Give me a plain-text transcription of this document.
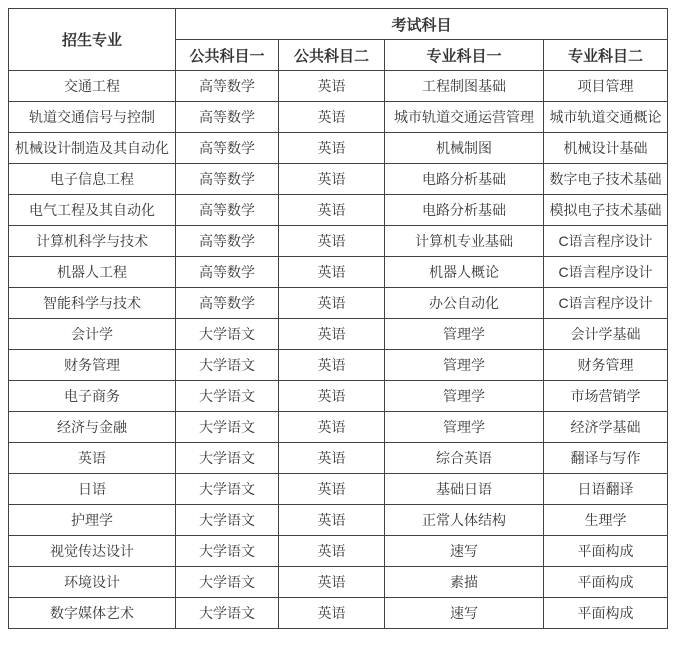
招生专业	考试科目			
	公共科目一	公共科目二	专业科目一	专业科目二
交通工程	高等数学	英语	工程制图基础	项目管理
轨道交通信号与控制	高等数学	英语	城市轨道交通运营管理	城市轨道交通概论
机械设计制造及其自动化	高等数学	英语	机械制图	机械设计基础
电子信息工程	高等数学	英语	电路分析基础	数字电子技术基础
电气工程及其自动化	高等数学	英语	电路分析基础	模拟电子技术基础
计算机科学与技术	高等数学	英语	计算机专业基础	C语言程序设计
机器人工程	高等数学	英语	机器人概论	C语言程序设计
智能科学与技术	高等数学	英语	办公自动化	C语言程序设计
会计学	大学语文	英语	管理学	会计学基础
财务管理	大学语文	英语	管理学	财务管理
电子商务	大学语文	英语	管理学	市场营销学
经济与金融	大学语文	英语	管理学	经济学基础
英语	大学语文	英语	综合英语	翻译与写作
日语	大学语文	英语	基础日语	日语翻译
护理学	大学语文	英语	正常人体结构	生理学
视觉传达设计	大学语文	英语	速写	平面构成
环境设计	大学语文	英语	素描	平面构成
数字媒体艺术	大学语文	英语	速写	平面构成
